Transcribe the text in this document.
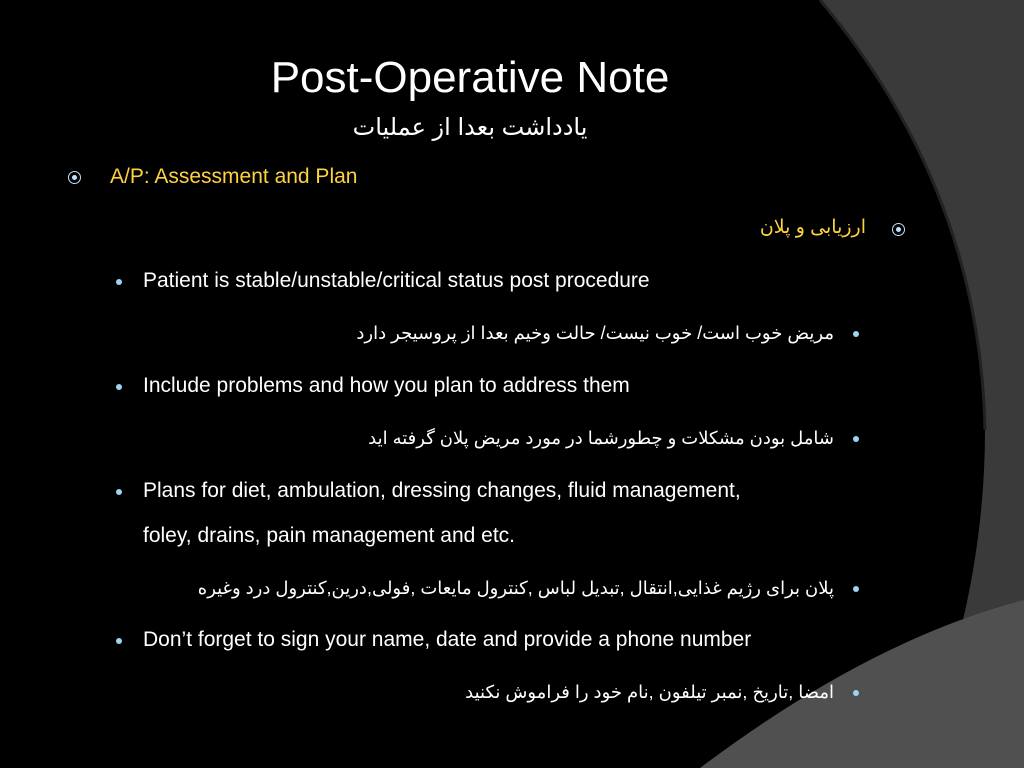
Post-Operative Note
یادداشت بعدا از عملیات
A/P: Assessment and Plan
ارزیابی و پلان
Patient is stable/unstable/critical status post procedure
مریض خوب است/ خوب نیست/ حالت وخیم بعدا از پروسیجر دارد
Include problems and how you plan to address them
شامل بودن مشکلات و چطورشما در مورد مریض پلان گرفته اید
Plans for diet, ambulation, dressing changes, fluid management,
foley, drains, pain management and etc.
پلان برای رژیم غذایی,انتقال ,تبدیل لباس ,کنترول مایعات ,فولی,درین,کنترول درد وغیره
Don’t forget to sign your name, date and provide a phone number
امضا ,تاریخ ,نمبر تیلفون ,نام خود را فراموش نکنید
